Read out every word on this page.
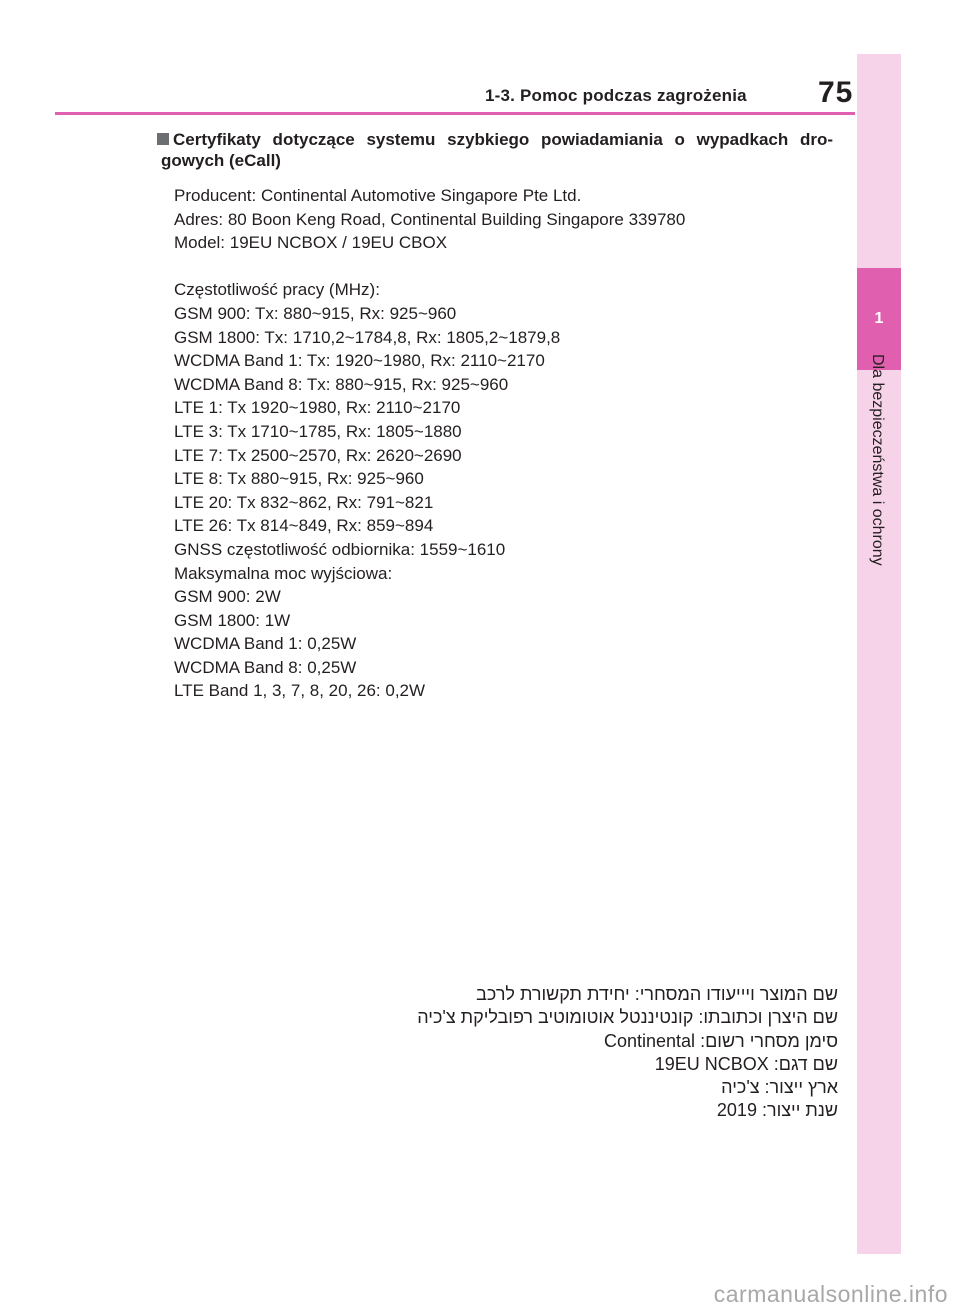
1
Dla bezpieczeństwa i ochrony
1-3. Pomoc podczas zagrożenia 75
Certyfikaty dotyczące systemu szybkiego powiadamiania o wypadkach dro-
gowych (eCall)
Producent: Continental Automotive Singapore Pte Ltd.
Adres: 80 Boon Keng Road, Continental Building Singapore 339780
Model: 19EU NCBOX / 19EU CBOX
Częstotliwość pracy (MHz):
GSM 900: Tx: 880~915, Rx: 925~960
GSM 1800: Tx: 1710,2~1784,8, Rx: 1805,2~1879,8
WCDMA Band 1: Tx: 1920~1980, Rx: 2110~2170
WCDMA Band 8: Tx: 880~915, Rx: 925~960
LTE 1: Tx 1920~1980, Rx: 2110~2170
LTE 3: Tx 1710~1785, Rx: 1805~1880
LTE 7: Tx 2500~2570, Rx: 2620~2690
LTE 8: Tx 880~915, Rx: 925~960
LTE 20: Tx 832~862, Rx: 791~821
LTE 26: Tx 814~849, Rx: 859~894
GNSS częstotliwość odbiornika: 1559~1610
Maksymalna moc wyjściowa:
GSM 900: 2W
GSM 1800: 1W
WCDMA Band 1: 0,25W
WCDMA Band 8: 0,25W
LTE Band 1, 3, 7, 8, 20, 26: 0,2W
שם המוצר ויייעודו המסחרי: יחידת תקשורת לרכב
שם היצרן וכתובתו: קונטיננטל אוטומוטיב רפובליקת צ'כיה
סימן מסחרי רשום: Continental
שם דגם: 19EU NCBOX
ארץ ייצור: צ'כיה
שנת ייצור: 2019
carmanualsonline.info
